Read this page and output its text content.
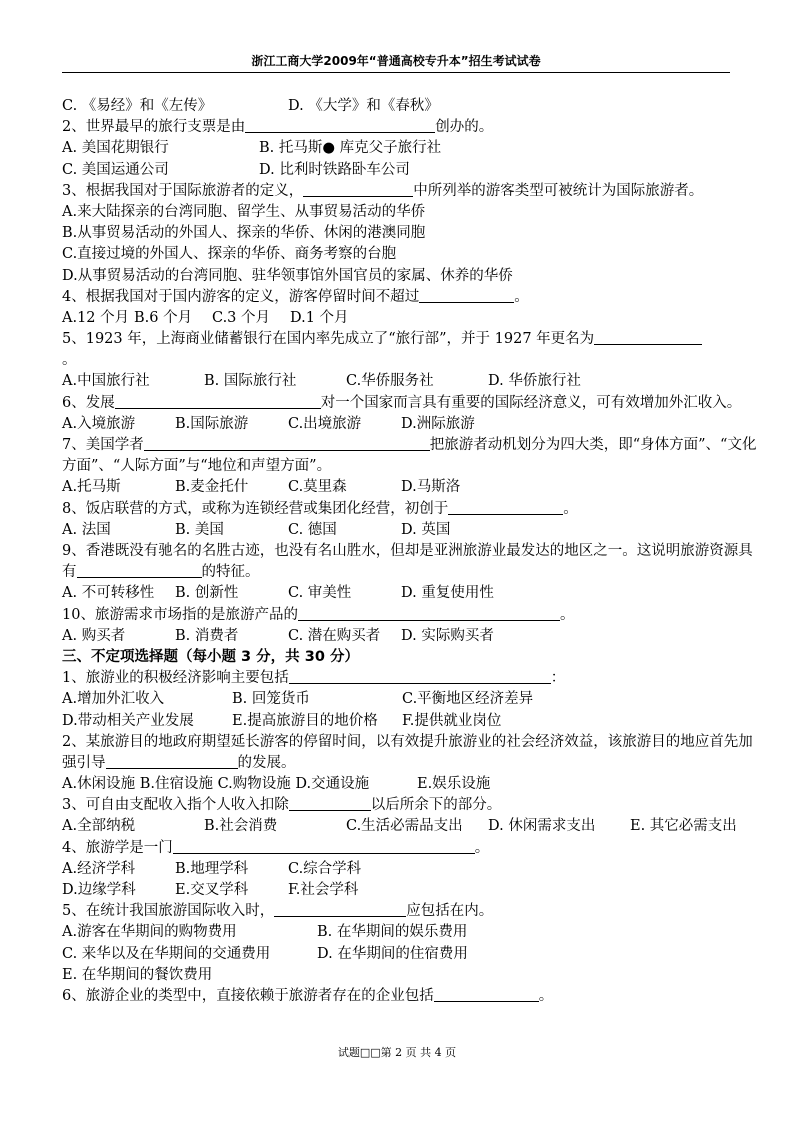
浙江工商大学2009年“普通高校专升本”招生考试试卷
C. 《易经》和《左传》	D. 《大学》和《春秋》
2、世界最早的旅行支票是由	创办的。
A. 美国花期银行	B. 托马斯● 库克父子旅行社
C. 美国运通公司	D. 比利时铁路卧车公司
3、根据我国对于国际旅游者的定义，	中所列举的游客类型可被统计为国际旅游者。
A.来大陆探亲的台湾同胞、留学生、从事贸易活动的华侨
B.从事贸易活动的外国人、探亲的华侨、休闲的港澳同胞
C.直接过境的外国人、探亲的华侨、商务考察的台胞
D.从事贸易活动的台湾同胞、驻华领事馆外国官员的家属、休养的华侨
4、根据我国对于国内游客的定义，游客停留时间不超过	。
A.12 个月 B.6 个月 C.3 个月 D.1 个月
5、1923 年，上海商业储蓄银行在国内率先成立了“旅行部”，并于 1927 年更名为
。
A.中国旅行社	B. 国际旅行社	C.华侨服务社	D. 华侨旅行社
6、发展	对一个国家而言具有重要的国际经济意义，可有效增加外汇收入。
A.入境旅游	B.国际旅游	C.出境旅游	D.洲际旅游
7、美国学者	把旅游者动机划分为四大类，即“身体方面”、“文化方面”、“人际方面”与“地位和声望方面”。
A.托马斯	B.麦金托什	C.莫里森	D.马斯洛
8、饭店联营的方式，或称为连锁经营或集团化经营，初创于	。
A. 法国	B. 美国	C. 德国	D. 英国
9、香港既没有驰名的名胜古迹，也没有名山胜水，但却是亚洲旅游业最发达的地区之一。这说明旅游资源具有	的特征。
A. 不可转移性 B. 创新性	C. 审美性	D. 重复使用性
10、旅游需求市场指的是旅游产品的	。
A. 购买者	B. 消费者	C. 潜在购买者 D. 实际购买者
三、不定项选择题（每小题 3 分，共 30 分）
1、旅游业的积极经济影响主要包括	：
A.增加外汇收入	B. 回笼货币	C.平衡地区经济差异
D.带动相关产业发展	E.提高旅游目的地价格 F.提供就业岗位
2、某旅游目的地政府期望延长游客的停留时间，以有效提升旅游业的社会经济效益，该旅游目的地应首先加强引导	的发展。
A.休闲设施 B.住宿设施 C.购物设施 D.交通设施	E.娱乐设施
3、可自由支配收入指个人收入扣除	以后所余下的部分。
A.全部纳税	B.社会消费	C.生活必需品支出 D. 休闲需求支出 E. 其它必需支出
4、旅游学是一门	。
A.经济学科	B.地理学科	C.综合学科
D.边缘学科	E.交叉学科	F.社会学科
5、在统计我国旅游国际收入时，	应包括在内。
A.游客在华期间的购物费用	B. 在华期间的娱乐费用
C. 来华以及在华期间的交通费用	D. 在华期间的住宿费用
E. 在华期间的餐饮费用
6、旅游企业的类型中，直接依赖于旅游者存在的企业包括	。
试题□□第 2 页 共 4 页
